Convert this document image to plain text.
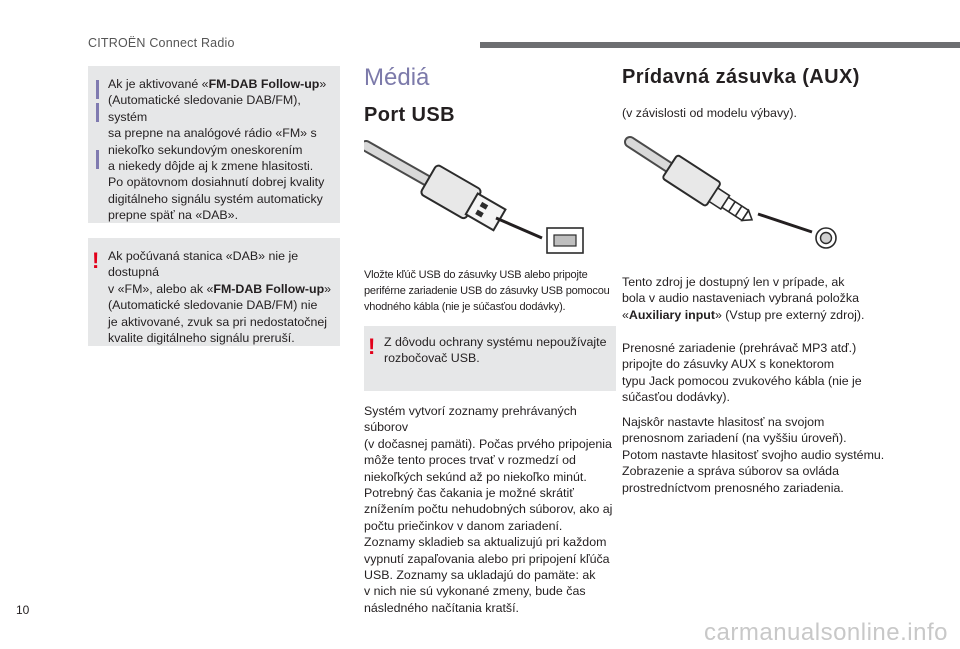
CITROËN Connect Radio
Ak je aktivované «FM-DAB Follow-up»
(Automatické sledovanie DAB/FM), systém
sa prepne na analógové rádio «FM» s
niekoľko sekundovým oneskorením
a niekedy dôjde aj k zmene hlasitosti.
Po opätovnom dosiahnutí dobrej kvality
digitálneho signálu systém automaticky
prepne späť na «DAB».
! Ak počúvaná stanica «DAB» nie je dostupná
v «FM», alebo ak «FM-DAB Follow-up»
(Automatické sledovanie DAB/FM) nie
je aktivované, zvuk sa pri nedostatočnej
kvalite digitálneho signálu preruší.
Médiá
Port USB
Vložte kľúč USB do zásuvky USB alebo pripojte
periférne zariadenie USB do zásuvky USB pomocou
vhodného kábla (nie je súčasťou dodávky).
! Z dôvodu ochrany systému nepoužívajte
rozbočovač USB.
Systém vytvorí zoznamy prehrávaných súborov
(v dočasnej pamäti). Počas prvého pripojenia
môže tento proces trvať v rozmedzí od
niekoľkých sekúnd až po niekoľko minút.
Potrebný čas čakania je možné skrátiť
znížením počtu nehudobných súborov, ako aj
počtu priečinkov v danom zariadení.
Zoznamy skladieb sa aktualizujú pri každom
vypnutí zapaľovania alebo pri pripojení kľúča
USB. Zoznamy sa ukladajú do pamäte: ak
v nich nie sú vykonané zmeny, bude čas
následného načítania kratší.
Prídavná zásuvka (AUX)
(v závislosti od modelu výbavy).
Tento zdroj je dostupný len v prípade, ak
bola v audio nastaveniach vybraná položka
«Auxiliary input» (Vstup pre externý zdroj).
Prenosné zariadenie (prehrávač MP3 atď.)
pripojte do zásuvky AUX s konektorom
typu Jack pomocou zvukového kábla (nie je
súčasťou dodávky).
Najskôr nastavte hlasitosť na svojom
prenosnom zariadení (na vyššiu úroveň).
Potom nastavte hlasitosť svojho audio systému.
Zobrazenie a správa súborov sa ovláda
prostredníctvom prenosného zariadenia.
10
carmanualsonline.info
